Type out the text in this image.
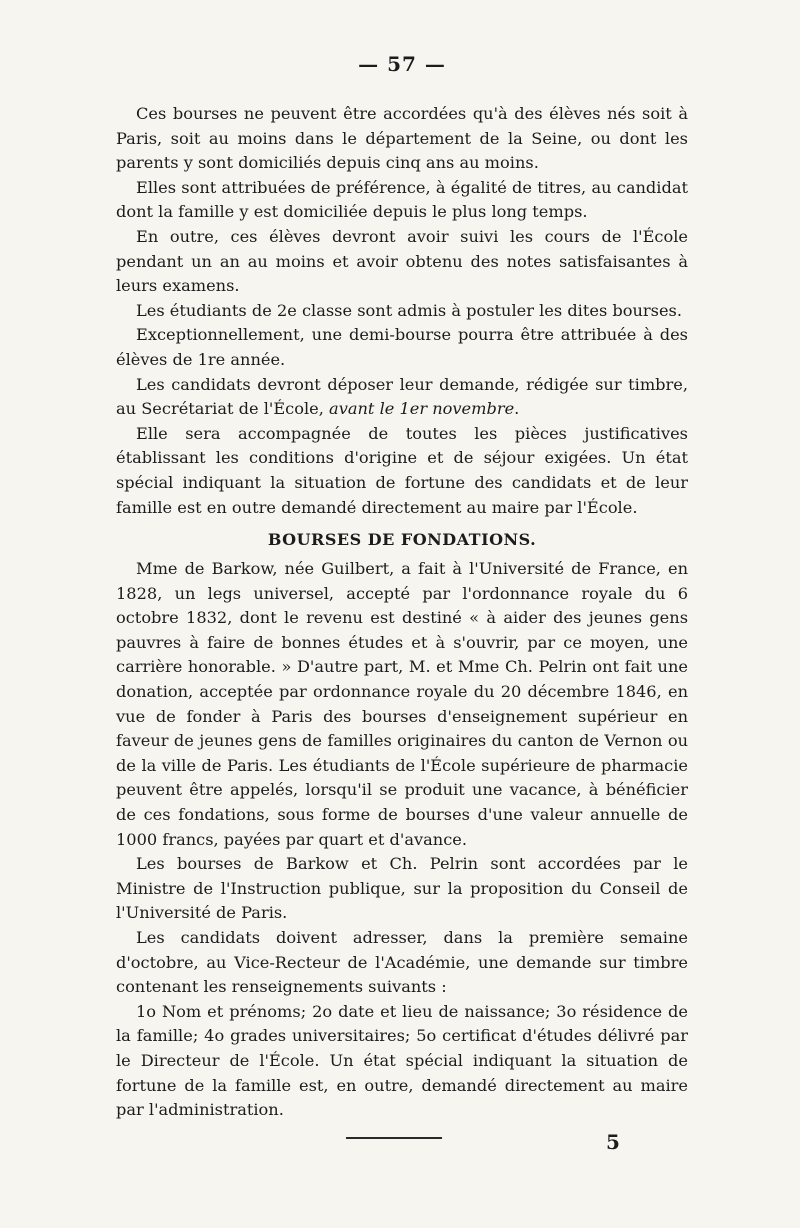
— 57 —

Ces bourses ne peuvent être accordées qu'à des élèves nés soit à Paris, soit au moins dans le département de la Seine, ou dont les parents y sont domiciliés depuis cinq ans au moins.

Elles sont attribuées de préférence, à égalité de titres, au candidat dont la famille y est domiciliée depuis le plus long temps.

En outre, ces élèves devront avoir suivi les cours de l'École pendant un an au moins et avoir obtenu des notes satisfaisantes à leurs examens.

Les étudiants de 2e classe sont admis à postuler les dites bourses.

Exceptionnellement, une demi-bourse pourra être attribuée à des élèves de 1re année.

Les candidats devront déposer leur demande, rédigée sur timbre, au Secrétariat de l'École, avant le 1er novembre.

Elle sera accompagnée de toutes les pièces justificatives établissant les conditions d'origine et de séjour exigées. Un état spécial indiquant la situation de fortune des candidats et de leur famille est en outre demandé directement au maire par l'École.

BOURSES DE FONDATIONS.

Mme de Barkow, née Guilbert, a fait à l'Université de France, en 1828, un legs universel, accepté par l'ordonnance royale du 6 octobre 1832, dont le revenu est destiné « à aider des jeunes gens pauvres à faire de bonnes études et à s'ouvrir, par ce moyen, une carrière honorable. » D'autre part, M. et Mme Ch. Pelrin ont fait une donation, acceptée par ordonnance royale du 20 décembre 1846, en vue de fonder à Paris des bourses d'enseignement supérieur en faveur de jeunes gens de familles originaires du canton de Vernon ou de la ville de Paris. Les étudiants de l'École supérieure de pharmacie peuvent être appelés, lorsqu'il se produit une vacance, à bénéficier de ces fondations, sous forme de bourses d'une valeur annuelle de 1000 francs, payées par quart et d'avance.

Les bourses de Barkow et Ch. Pelrin sont accordées par le Ministre de l'Instruction publique, sur la proposition du Conseil de l'Université de Paris.

Les candidats doivent adresser, dans la première semaine d'octobre, au Vice-Recteur de l'Académie, une demande sur timbre contenant les renseignements suivants :

1o Nom et prénoms; 2o date et lieu de naissance; 3o résidence de la famille; 4o grades universitaires; 5o certificat d'études délivré par le Directeur de l'École. Un état spécial indiquant la situation de fortune de la famille est, en outre, demandé directement au maire par l'administration.

5
